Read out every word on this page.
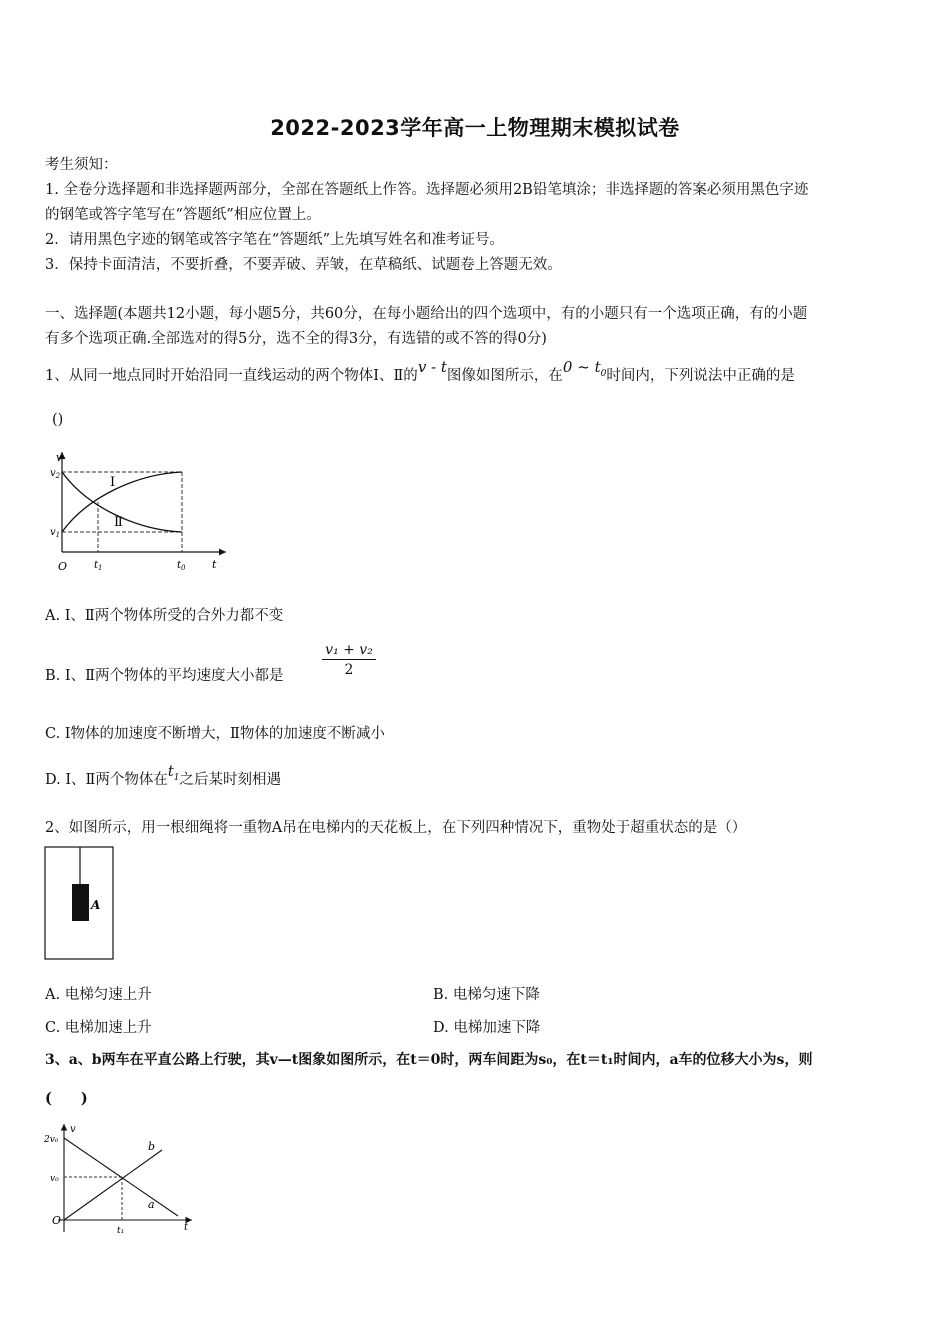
2022-2023学年高一上物理期末模拟试卷
考生须知：
1. 全卷分选择题和非选择题两部分，全部在答题纸上作答。选择题必须用2B铅笔填涂；非选择题的答案必须用黑色字迹
的钢笔或答字笔写在“答题纸”相应位置上。
2．请用黑色字迹的钢笔或答字笔在“答题纸”上先填写姓名和准考证号。
3．保持卡面清洁，不要折叠，不要弄破、弄皱，在草稿纸、试题卷上答题无效。
一、选择题(本题共12小题，每小题5分，共60分，在每小题给出的四个选项中，有的小题只有一个选项正确，有的小题
有多个选项正确.全部选对的得5分，选不全的得3分，有选错的或不答的得0分)
1、从同一地点同时开始沿同一直线运动的两个物体Ⅰ、Ⅱ的v - t图像如图所示，在0 ~ $t_0$时间内，下列说法中正确的是
()
v
t
O
$v_2$
$v_1$
$t_1$	$t_0$
Ⅰ
Ⅱ
A. Ⅰ、Ⅱ两个物体所受的合外力都不变
B. Ⅰ、Ⅱ两个物体的平均速度大小都是	$\frac{\text{v₁ + v₂}}{2}$
C. Ⅰ物体的加速度不断增大，Ⅱ物体的加速度不断减小
D. Ⅰ、Ⅱ两个物体在$t_1$之后某时刻相遇
2、如图所示，用一根细绳将一重物A吊在电梯内的天花板上，在下列四种情况下，重物处于超重状态的是（）
A
A. 电梯匀速上升	B. 电梯匀速下降
C. 电梯加速上升	D. 电梯加速下降
3、a、b两车在平直公路上行驶，其v—t图象如图所示，在t＝0时，两车间距为s₀，在t＝t₁时间内，a车的位移大小为s，则
(　　)
v
t
O
2v₀
v₀
t₁
a
b
